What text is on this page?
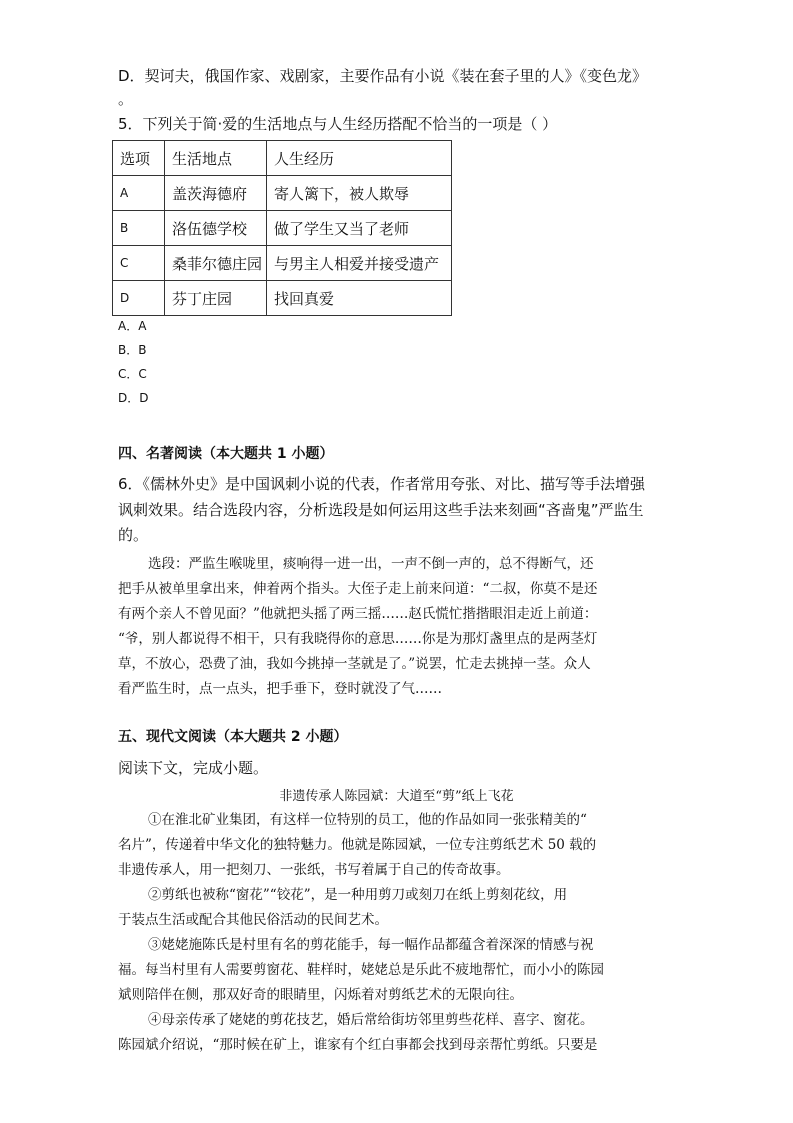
D．契诃夫，俄国作家、戏剧家，主要作品有小说《装在套子里的人》《变色龙》
。
5．下列关于简·爱的生活地点与人生经历搭配不恰当的一项是（ ）
选项	生活地点	人生经历
A	盖茨海德府	寄人篱下，被人欺辱
B	洛伍德学校	做了学生又当了老师
C	桑菲尔德庄园	与男主人相爱并接受遗产
D	芬丁庄园	找回真爱
A．A
B．B
C．C
D．D
四、名著阅读（本大题共 1 小题）
6．《儒林外史》是中国讽刺小说的代表，作者常用夸张、对比、描写等手法增强
讽刺效果。结合选段内容，分析选段是如何运用这些手法来刻画“吝啬鬼”严监生
的。
选段：严监生喉咙里，痰响得一进一出，一声不倒一声的，总不得断气，还
把手从被单里拿出来，伸着两个指头。大侄子走上前来问道：“二叔，你莫不是还
有两个亲人不曾见面？”他就把头摇了两三摇……赵氏慌忙揩揩眼泪走近上前道：
“爷，别人都说得不相干，只有我晓得你的意思……你是为那灯盏里点的是两茎灯
草，不放心，恐费了油，我如今挑掉一茎就是了。”说罢，忙走去挑掉一茎。众人
看严监生时，点一点头，把手垂下，登时就没了气……
五、现代文阅读（本大题共 2 小题）
阅读下文，完成小题。
非遗传承人陈园斌：大道至“剪”纸上飞花
①在淮北矿业集团，有这样一位特别的员工，他的作品如同一张张精美的“
名片”，传递着中华文化的独特魅力。他就是陈园斌，一位专注剪纸艺术 50 载的
非遗传承人，用一把刻刀、一张纸，书写着属于自己的传奇故事。
②剪纸也被称“窗花”“铰花”，是一种用剪刀或刻刀在纸上剪刻花纹，用
于装点生活或配合其他民俗活动的民间艺术。
③姥姥施陈氏是村里有名的剪花能手，每一幅作品都蕴含着深深的情感与祝
福。每当村里有人需要剪窗花、鞋样时，姥姥总是乐此不疲地帮忙，而小小的陈园
斌则陪伴在侧，那双好奇的眼睛里，闪烁着对剪纸艺术的无限向往。
④母亲传承了姥姥的剪花技艺，婚后常给街坊邻里剪些花样、喜字、窗花。
陈园斌介绍说，“那时候在矿上，谁家有个红白事都会找到母亲帮忙剪纸。只要是
